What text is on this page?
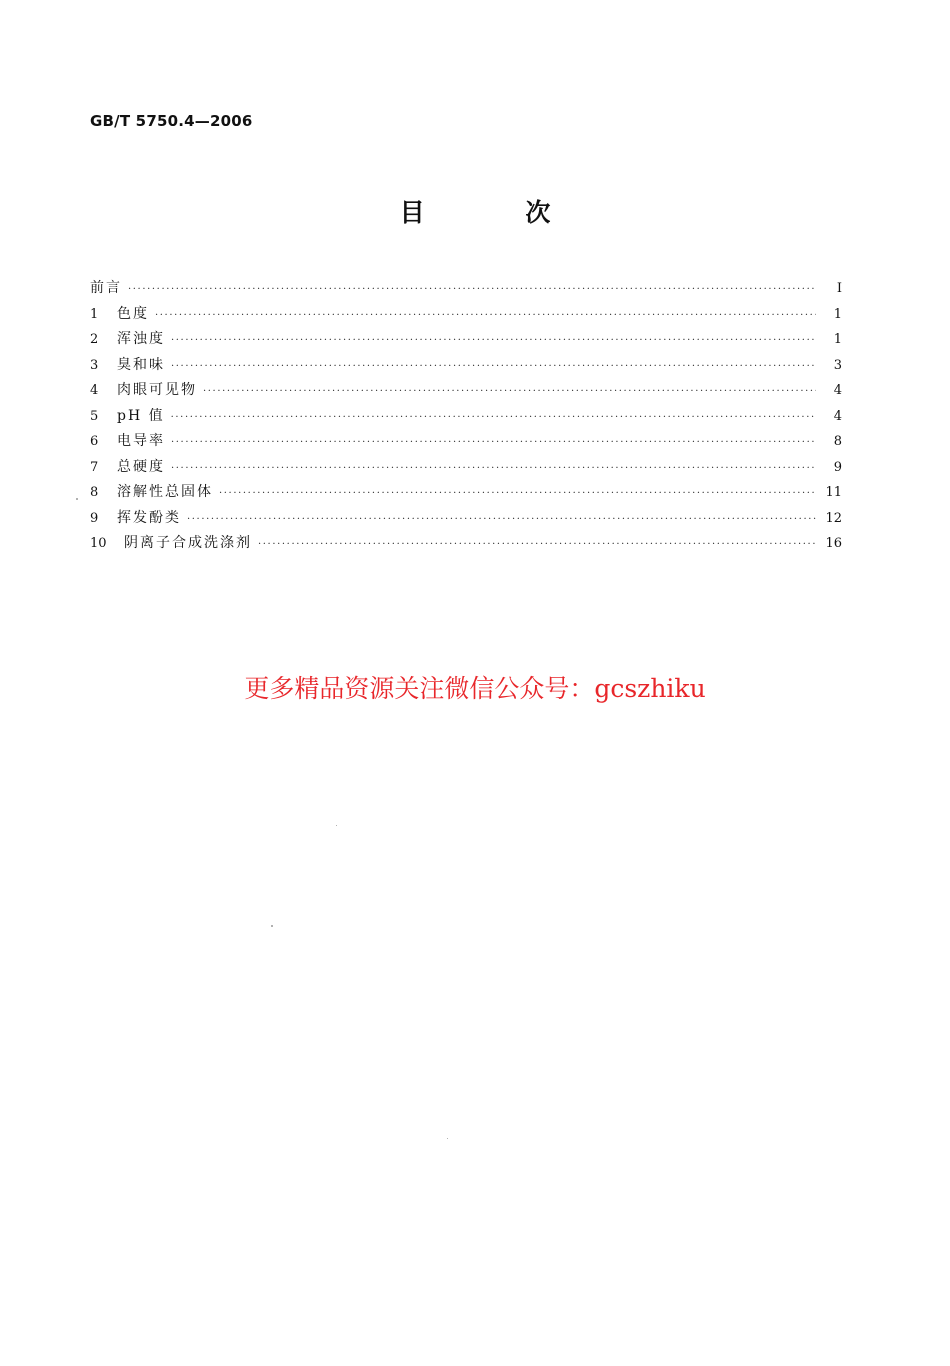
GB/T 5750.4—2006
目 次
前言 ·····	Ⅰ
1	色度 ·····	1
2	浑浊度 ·····	1
3	臭和味 ·····	3
4	肉眼可见物 ·····	4
5	pH 值 ·····	4
6	电导率 ·····	8
7	总硬度 ·····	9
8	溶解性总固体 ·····	11
9	挥发酚类 ·····	12
10	阴离子合成洗涤剂 ·····	16
更多精品资源关注微信公众号：gcszhiku
